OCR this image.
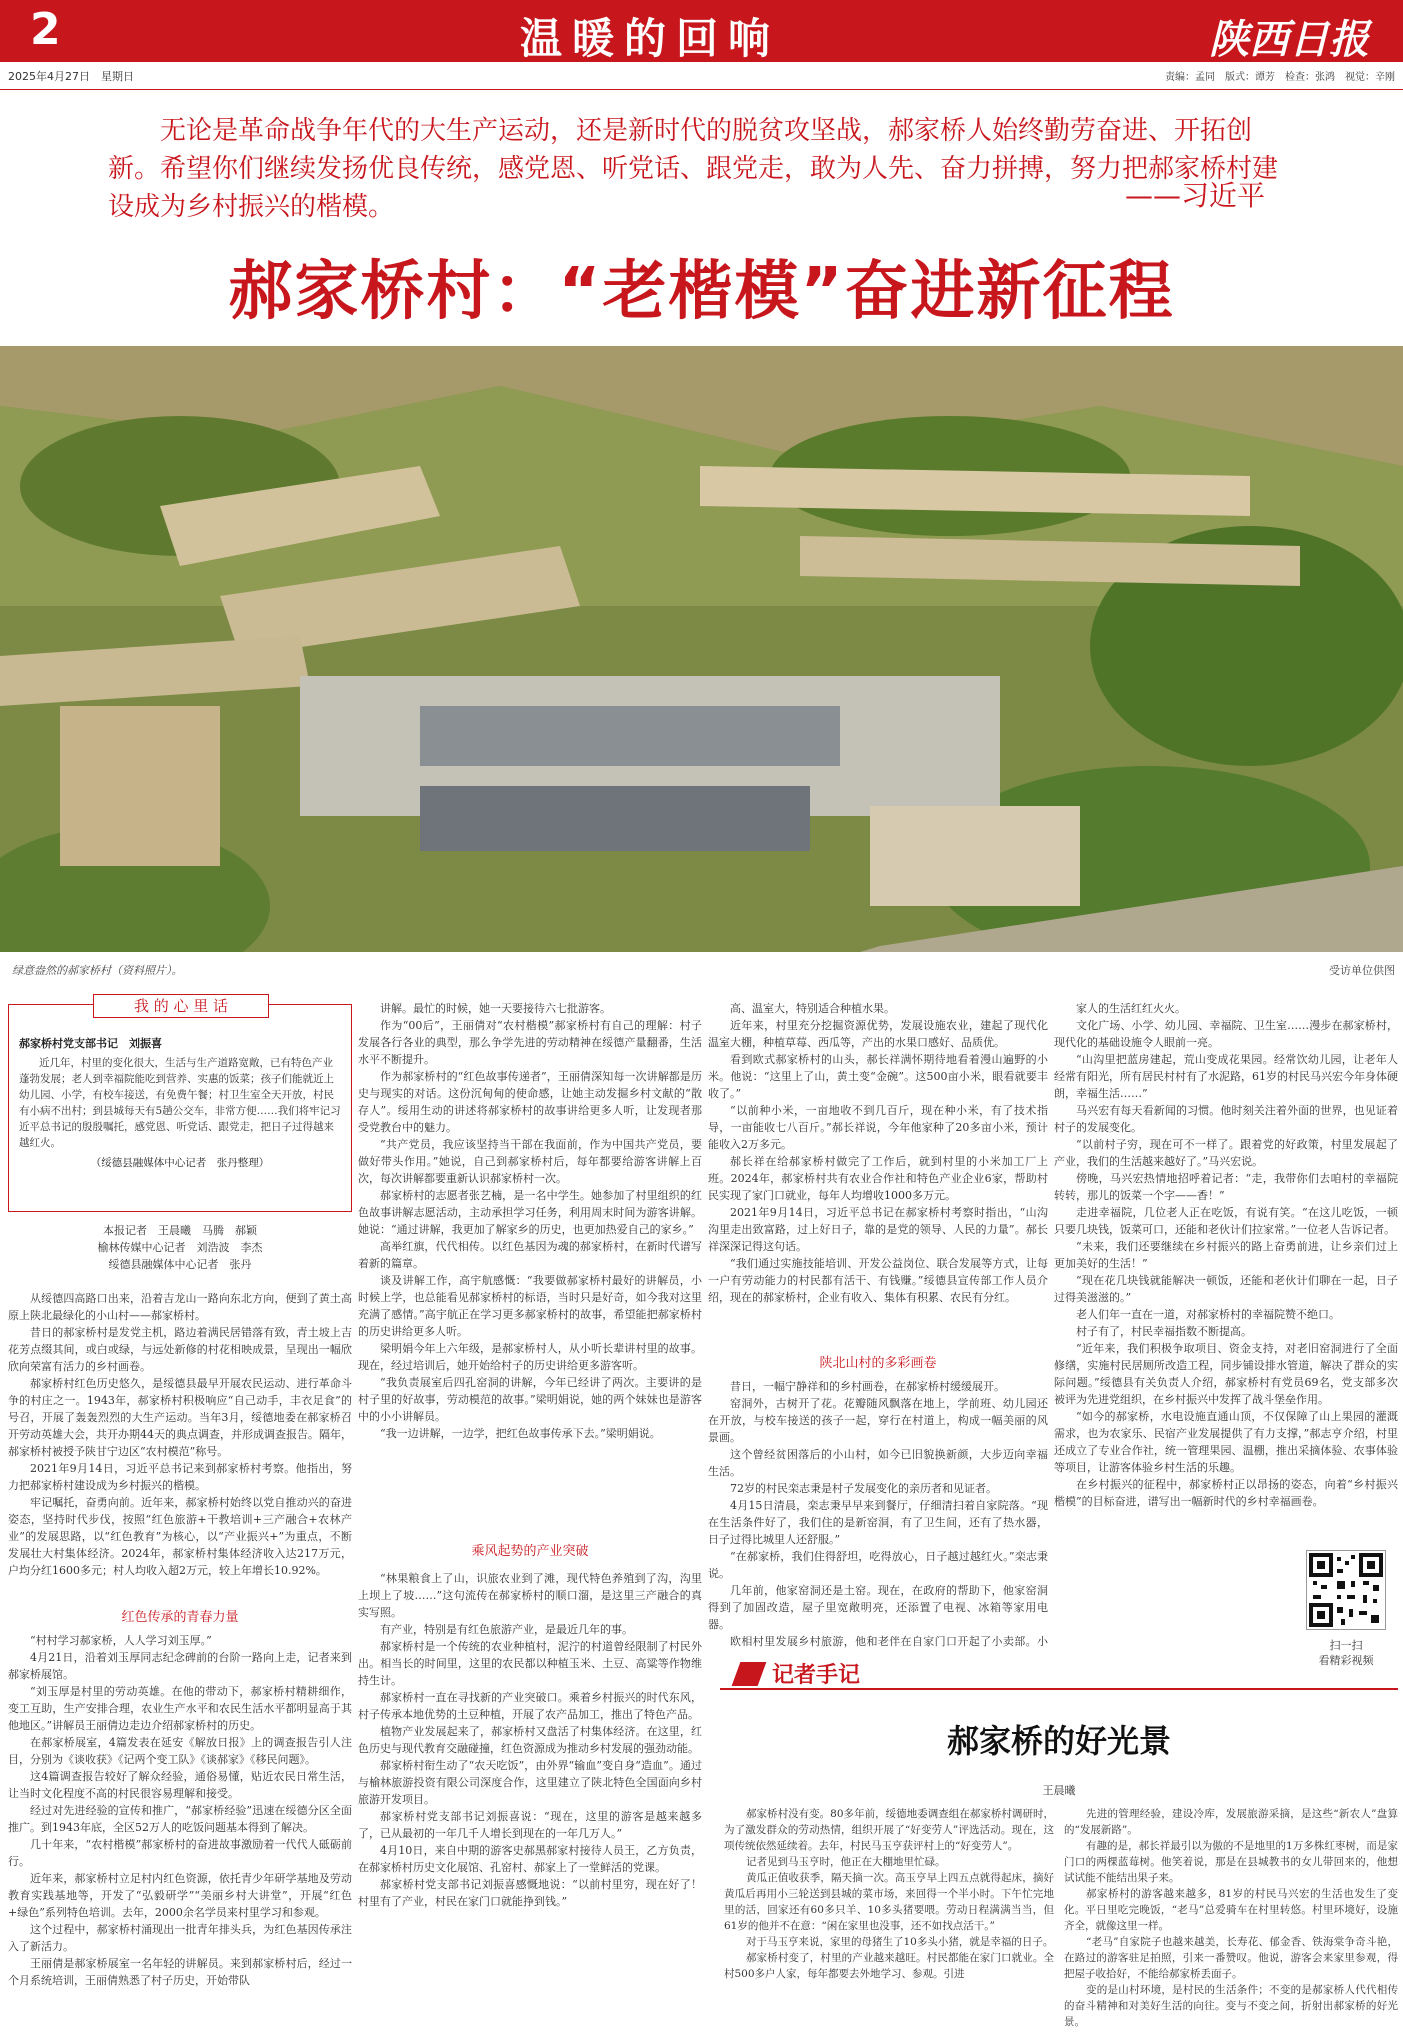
2	温暖的回响	陕西日报
2025年4月27日　星期日	责编：孟同　版式：谭芳　检查：张鸿　视觉：辛刚
无论是革命战争年代的大生产运动，还是新时代的脱贫攻坚战，郝家桥人始终勤劳奋进、开拓创新。希望你们继续发扬优良传统，感党恩、听党话、跟党走，敢为人先、奋力拼搏，努力把郝家桥村建设成为乡村振兴的楷模。	——习近平
郝家桥村：“老楷模”奋进新征程
绿意盎然的郝家桥村（资料照片）。	受访单位供图
我 的 心 里 话
郝家桥村党支部书记　刘振喜
近几年，村里的变化很大，生活与生产道路宽敞，已有特色产业蓬勃发展；老人到幸福院能吃到营养、实惠的饭菜；孩子们能就近上幼儿园、小学，有校车接送，有免费午餐；村卫生室全天开放，村民有小病不出村；到县城每天有5趟公交车，非常方便……我们将牢记习近平总书记的殷殷嘱托，感党恩、听党话、跟党走，把日子过得越来越红火。
（绥德县融媒体中心记者　张丹整理）
本报记者　王晨曦　马腾　郝颖
榆林传媒中心记者　刘浩波　李杰
绥德县融媒体中心记者　张丹

从绥德四高路口出来，沿着吉龙山一路向东北方向，便到了黄土高原上陕北最绿化的小山村——郝家桥村。

昔日的郝家桥村是发党主机，路边着满民居错落有致，青土坡上吉花芳点缀其间，或白或绿，与远处新修的村花相映成景，呈现出一幅欣欣向荣富有活力的乡村画卷。

郝家桥村红色历史悠久，是绥德县最早开展农民运动、进行革命斗争的村庄之一。1943年，郝家桥村积极响应“自己动手，丰衣足食”的号召，开展了轰轰烈烈的大生产运动。当年3月，绥德地委在郝家桥召开劳动英雄大会，共开办期44天的典点调查，并形成调查报告。隔年，郝家桥村被授予陕甘宁边区“农村模范”称号。

2021年9月14日，习近平总书记来到郝家桥村考察。他指出，努力把郝家桥村建设成为乡村振兴的楷模。

牢记嘱托，奋勇向前。近年来，郝家桥村始终以党自推动兴的奋进姿态，坚持时代步伐，按照“红色旅游+干教培训+三产融合+农林产业”的发展思路，以“红色教育”为核心，以“产业振兴+”为重点，不断发展壮大村集体经济。2024年，郝家桥村集体经济收入达217万元，户均分红1600多元；村人均收入超2万元，较上年增长10.92%。

红色传承的青春力量

“村村学习郝家桥，人人学习刘玉厚。”

4月21日，沿着刘玉厚同志纪念碑前的台阶一路向上走，记者来到郝家桥展馆。

“刘玉厚是村里的劳动英雄。在他的带动下，郝家桥村精耕细作，变工互助，生产安排合理，农业生产水平和农民生活水平都明显高于其他地区。”讲解员王丽倩边走边介绍郝家桥村的历史。

在郝家桥展室，4篇发表在延安《解放日报》上的调查报告引人注目，分别为《谈收获》《记两个变工队》《谈郝家》《移民问题》。

这4篇调查报告较好了解众经验，通俗易懂，贴近农民日常生活，让当时文化程度不高的村民很容易理解和接受。

经过对先进经验的宣传和推广，“郝家桥经验”迅速在绥德分区全面推广。到1943年底，全区52万人的吃饭问题基本得到了解决。

几十年来，“农村楷模”郝家桥村的奋进故事激励着一代代人砥砺前行。

近年来，郝家桥村立足村内红色资源，依托青少年研学基地及劳动教育实践基地等，开发了“弘毅研学”“美丽乡村大讲堂”，开展“红色+绿色”系列特色培训。去年，2000余名学员来村里学习和参观。

这个过程中，郝家桥村涌现出一批青年排头兵，为红色基因传承注入了新活力。

王丽倩是郝家桥展室一名年轻的讲解员。来到郝家桥村后，经过一个月系统培训，王丽倩熟悉了村子历史，开始带队

讲解。最忙的时候，她一天要接待六七批游客。

作为“00后”，王丽倩对“农村楷模”郝家桥村有自己的理解：村子发展各行各业的典型，那么争学先进的劳动精神在绥德产量翻番，生活水平不断提升。

作为郝家桥村的“红色故事传递者”，王丽倩深知每一次讲解都是历史与现实的对话。这份沉甸甸的使命感，让她主动发掘乡村文献的“散存人”。绥用生动的讲述将郝家桥村的故事讲给更多人听，让发现者那受党教台中的魅力。

“共产党员，我应该坚持当干部在我面前，作为中国共产党员，要做好带头作用。”她说，自己到郝家桥村后，每年都要给游客讲解上百次，每次讲解都要重新认识郝家桥村一次。

郝家桥村的志愿者张艺楠，是一名中学生。她参加了村里组织的红色故事讲解志愿活动，主动承担学习任务，利用周末时间为游客讲解。她说：“通过讲解，我更加了解家乡的历史，也更加热爱自己的家乡。”

高举红旗，代代相传。以红色基因为魂的郝家桥村，在新时代谱写着新的篇章。

谈及讲解工作，高宇航感慨：“我要做郝家桥村最好的讲解员，小时候上学，也总能看见郝家桥村的标语，当时只是好奇，如今我对这里充满了感情。”高宇航正在学习更多郝家桥村的故事，希望能把郝家桥村的历史讲给更多人听。

梁明娟今年上六年级，是郝家桥村人，从小听长辈讲村里的故事。现在，经过培训后，她开始给村子的历史讲给更多游客听。

“我负责展室后四孔窑洞的讲解，今年已经讲了两次。主要讲的是村子里的好故事，劳动模范的故事。”梁明娟说，她的两个妹妹也是游客中的小小讲解员。

“我一边讲解，一边学，把红色故事传承下去。”梁明娟说。

乘风起势的产业突破

“林果粮食上了山，识旅农业到了滩，现代特色养殖到了沟，沟里上坝上了坡……”这句流传在郝家桥村的顺口溜，是这里三产融合的真实写照。

有产业，特别是有红色旅游产业，是最近几年的事。

郝家桥村是一个传统的农业种植村，泥泞的村道曾经限制了村民外出。相当长的时间里，这里的农民都以种植玉米、土豆、高粱等作物维持生计。

郝家桥村一直在寻找新的产业突破口。乘着乡村振兴的时代东风，村子传承本地优势的土豆种植，开展了农产品加工，推出了特色产品。

植物产业发展起来了，郝家桥村又盘活了村集体经济。在这里，红色历史与现代教育交融碰撞，红色资源成为推动乡村发展的强劲动能。

郝家桥村衔生动了“农天吃饭”，由外界“输血”变自身“造血”。通过与榆林旅游投资有限公司深度合作，这里建立了陕北特色全国面向乡村旅游开发项目。

郝家桥村党支部书记刘振喜说：“现在，这里的游客是越来越多了，已从最初的一年几千人增长到现在的一年几万人。”

4月10日，来自中期的游客史郝黑郝家村接待人员王，乙方负责，在郝家桥村历史文化展馆、孔窑村、郝家上了一堂鲜活的党课。

郝家桥村党支部书记刘振喜感慨地说：“以前村里穷，现在好了！村里有了产业，村民在家门口就能挣到钱。”

高、温室大，特别适合种植水果。

近年来，村里充分挖掘资源优势，发展设施农业，建起了现代化温室大棚，种植草莓、西瓜等，产出的水果口感好、品质优。

看到欧式郝家桥村的山头，郝长祥满怀期待地看着漫山遍野的小米。他说：“这里上了山，黄土变“金碗”。这500亩小米，眼看就要丰收了。”

“以前种小米，一亩地收不到几百斤，现在种小米，有了技术指导，一亩能收七八百斤。”郝长祥说，今年他家种了20多亩小米，预计能收入2万多元。

郝长祥在给郝家桥村做完了工作后，就到村里的小米加工厂上班。2024年，郝家桥村共有农业合作社和特色产业企业6家，帮助村民实现了家门口就业，每年人均增收1000多万元。

2021年9月14日，习近平总书记在郝家桥村考察时指出，“山沟沟里走出致富路，过上好日子，靠的是党的领导、人民的力量”。郝长祥深深记得这句话。

“我们通过实施技能培训、开发公益岗位、联合发展等方式，让每一户有劳动能力的村民都有活干、有钱赚。”绥德县宣传部工作人员介绍，现在的郝家桥村，企业有收入、集体有积累、农民有分红。

陕北山村的多彩画卷

昔日，一幅宁静祥和的乡村画卷，在郝家桥村缓缓展开。

窑洞外，古树开了花。花瓣随风飘落在地上，学前班、幼儿园还在开放，与校车接送的孩子一起，穿行在村道上，构成一幅美丽的风景画。

这个曾经贫困落后的小山村，如今已旧貌换新颜，大步迈向幸福生活。

72岁的村民栾志秉是村子发展变化的亲历者和见证者。

4月15日清晨，栾志秉早早来到餐厅，仔细清扫着自家院落。“现在生活条件好了，我们住的是新窑洞，有了卫生间，还有了热水器，日子过得比城里人还舒服。”

“在郝家桥，我们住得舒坦，吃得放心，日子越过越红火。”栾志秉说。

几年前，他家窑洞还是土窑。现在，在政府的帮助下，他家窑洞得到了加固改造，屋子里宽敞明亮，还添置了电视、冰箱等家用电器。

欧相村里发展乡村旅游，他和老伴在自家门口开起了小卖部。小

家人的生活红红火火。

文化广场、小学、幼儿园、幸福院、卫生室……漫步在郝家桥村，现代化的基础设施令人眼前一亮。

“山沟里把蓝房建起，荒山变成花果园。经常饮幼儿园，让老年人经常有阳光，所有居民村村有了水泥路，61岁的村民马兴宏今年身体硬朗，幸福生活……”

马兴宏有每天看新闻的习惯。他时刻关注着外面的世界，也见证着村子的发展变化。

“以前村子穷，现在可不一样了。跟着党的好政策，村里发展起了产业，我们的生活越来越好了。”马兴宏说。

傍晚，马兴宏热情地招呼着记者：“走，我带你们去咱村的幸福院转转，那儿的饭菜一个字——香！”

走进幸福院，几位老人正在吃饭，有说有笑。“在这儿吃饭，一顿只要几块钱，饭菜可口，还能和老伙计们拉家常。”一位老人告诉记者。

“未来，我们还要继续在乡村振兴的路上奋勇前进，让乡亲们过上更加美好的生活！”

“现在花几块钱就能解决一顿饭，还能和老伙计们聊在一起，日子过得美滋滋的。”

老人们年一直在一道，对郝家桥村的幸福院赞不绝口。

村子有了，村民幸福指数不断提高。

“近年来，我们积极争取项目、资金支持，对老旧窑洞进行了全面修缮，实施村民居厕所改造工程，同步铺设排水管道，解决了群众的实际问题。”绥德县有关负责人介绍，郝家桥村有党员69名，党支部多次被评为先进党组织，在乡村振兴中发挥了战斗堡垒作用。

“如今的郝家桥，水电设施直通山顶，不仅保障了山上果园的灌溉需求，也为农家乐、民宿产业发展提供了有力支撑，”郝志亨介绍，村里还成立了专业合作社，统一管理果园、温棚，推出采摘体验、农事体验等项目，让游客体验乡村生活的乐趣。

在乡村振兴的征程中，郝家桥村正以昂扬的姿态，向着“乡村振兴楷模”的目标奋进，谱写出一幅新时代的乡村幸福画卷。

扫一扫
看精彩视频
记者手记
郝家桥的好光景
王晨曦

郝家桥村没有变。80多年前，绥德地委调查组在郝家桥村调研时，为了激发群众的劳动热情，组织开展了“好变劳人”评选活动。现在，这项传统依然延续着。去年，村民马玉亨获评村上的“好变劳人”。

记者见到马玉亨时，他正在大棚地里忙碌。

黄瓜正值收获季，隔天摘一次。高玉亨早上四五点就得起床，摘好黄瓜后再用小三轮送到县城的菜市场，来回得一个半小时。下午忙完地里的活，回家还有60多只羊、10多头猪要喂。劳动日程满满当当，但61岁的他并不在意：“闲在家里也没事，还不如找点活干。”

对于马玉亨来说，家里的母猪生了10多头小猪，就是幸福的日子。

郝家桥村变了，村里的产业越来越旺。村民都能在家门口就业。全村500多户人家，每年都要去外地学习、参观。引进

先进的管理经验，建设冷库，发展旅游采摘，是这些“新农人”盘算的“发展新路”。

有趣的是，郝长祥最引以为傲的不是地里的1万多株红枣树，而是家门口的两棵蓝莓树。他笑着说，那是在县城教书的女儿带回来的，他想试试能不能结出果子来。

郝家桥村的游客越来越多，81岁的村民马兴宏的生活也发生了变化。平日里吃完晚饭，“老马”总爱骑车在村里转悠。村里环境好，设施齐全，就像这里一样。

“老马”自家院子也越来越美，长寿花、郁金香、铁海棠争奇斗艳，在路过的游客驻足拍照，引来一番赞叹。他说，游客会来家里参观，得把屋子收拾好，不能给郝家桥丢面子。

变的是山村环境，是村民的生活条件；不变的是郝家桥人代代相传的奋斗精神和对美好生活的向往。变与不变之间，折射出郝家桥的好光景。
